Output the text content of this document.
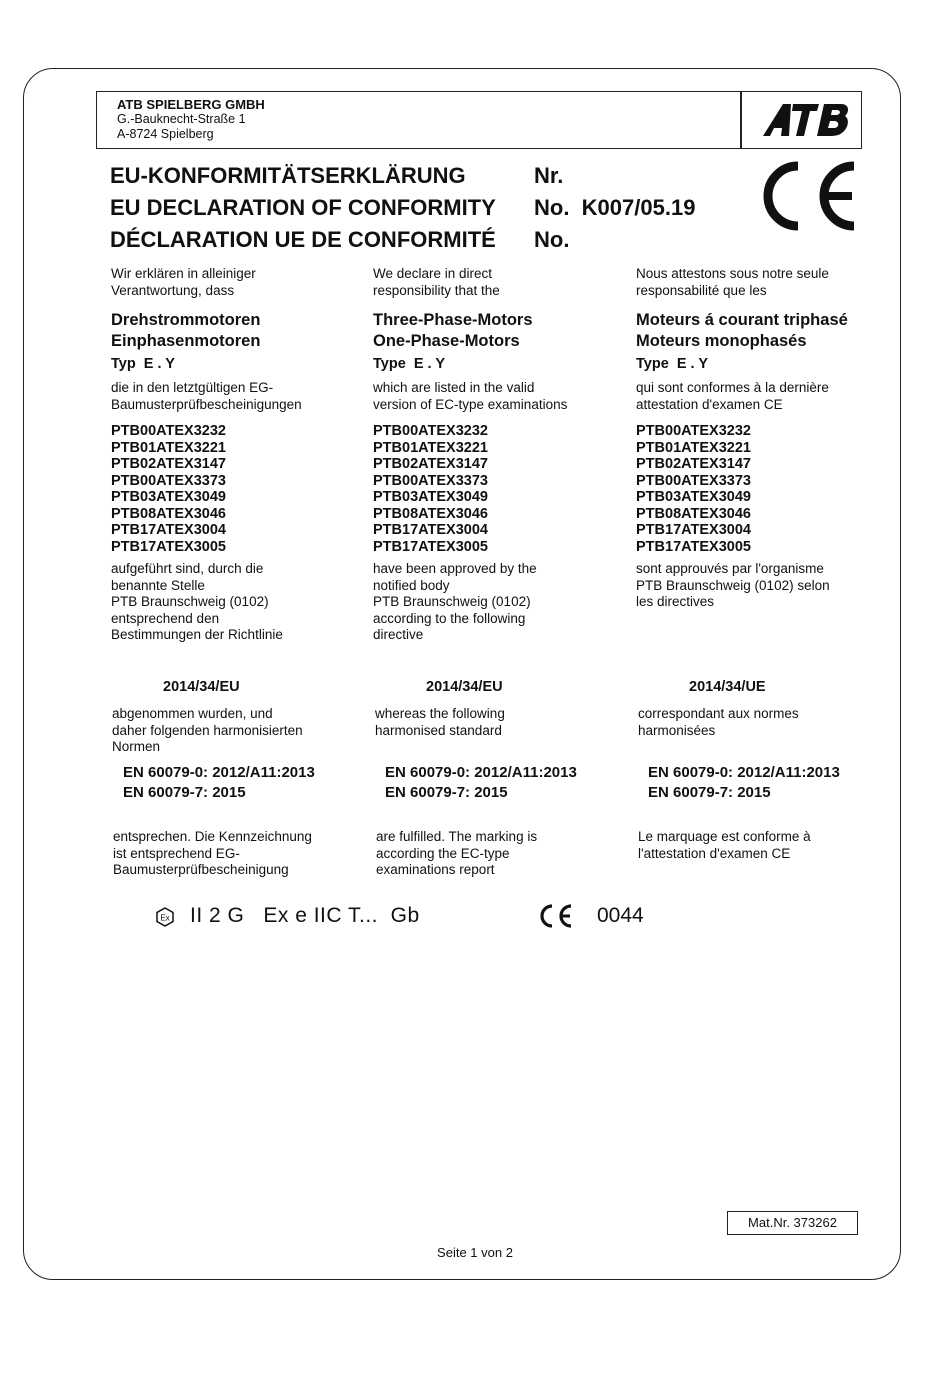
ATB SPIELBERG GMBH
G.-Bauknecht-Straße 1
A-8724 Spielberg
EU-KONFORMITÄTSERKLÄRUNG
EU DECLARATION OF CONFORMITY
DÉCLARATION UE DE CONFORMITÉ
Nr.
No.  K007/05.19
No.

Wir erklären in alleiniger

Verantwortung, dass

Drehstrommotoren

Einphasenmotoren

Typ  E . Y

die in den letztgültigen EG-

Baumusterprüfbescheinigungen

PTB00ATEX3232

PTB01ATEX3221

PTB02ATEX3147

PTB00ATEX3373

PTB03ATEX3049

PTB08ATEX3046

PTB17ATEX3004

PTB17ATEX3005

aufgeführt sind, durch die

benannte Stelle

PTB Braunschweig (0102)

entsprechend den

Bestimmungen der Richtlinie

We declare in direct

responsibility that the

Three-Phase-Motors

One-Phase-Motors

Type  E . Y

which are listed in the valid

version of EC-type examinations

PTB00ATEX3232

PTB01ATEX3221

PTB02ATEX3147

PTB00ATEX3373

PTB03ATEX3049

PTB08ATEX3046

PTB17ATEX3004

PTB17ATEX3005

have been approved by the

notified body

PTB Braunschweig (0102)

according to the following

directive

Nous attestons sous notre seule

responsabilité que les

Moteurs á courant triphasé

Moteurs monophasés

Type  E . Y

qui sont conformes à la dernière

attestation d'examen CE

PTB00ATEX3232

PTB01ATEX3221

PTB02ATEX3147

PTB00ATEX3373

PTB03ATEX3049

PTB08ATEX3046

PTB17ATEX3004

PTB17ATEX3005

sont approuvés par l'organisme

PTB Braunschweig (0102) selon

les directives

2014/34/EU	2014/34/EU	2014/34/UE
abgenommen wurden, und
daher folgenden harmonisierten
Normen
whereas the following
harmonised standard
correspondant aux normes
harmonisées
EN 60079-0: 2012/A11:2013
EN 60079-7: 2015
EN 60079-0: 2012/A11:2013
EN 60079-7: 2015
EN 60079-0: 2012/A11:2013
EN 60079-7: 2015
entsprechen. Die Kennzeichnung
ist entsprechend EG-
Baumusterprüfbescheinigung
are fulfilled. The marking is
according the EC-type
examinations report
Le marquage est conforme à
l'attestation d'examen CE
Ex II 2 G   Ex e IIC T...  Gb	0044
Mat.Nr. 373262
Seite 1 von 2
